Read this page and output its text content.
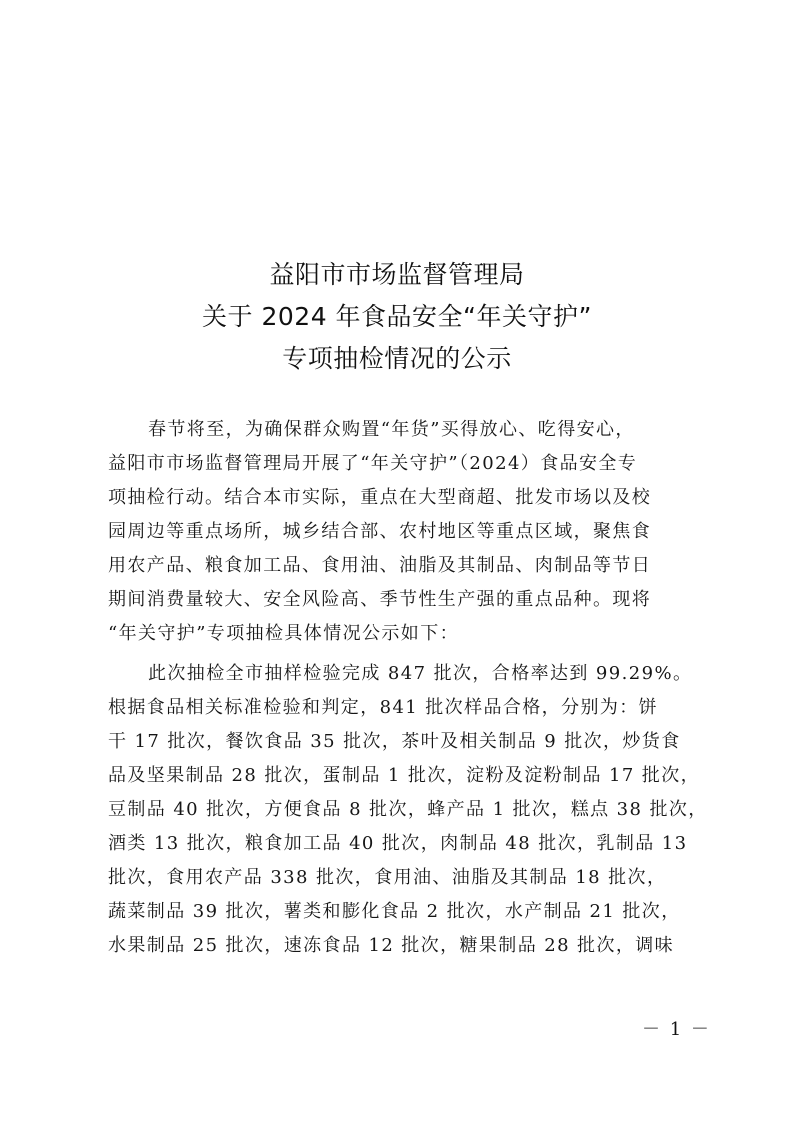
益阳市市场监督管理局
关于 2024 年食品安全“年关守护”
专项抽检情况的公示
春节将至，为确保群众购置“年货”买得放心、吃得安心，
益阳市市场监督管理局开展了“年关守护”（2024）食品安全专
项抽检行动。结合本市实际，重点在大型商超、批发市场以及校
园周边等重点场所，城乡结合部、农村地区等重点区域，聚焦食
用农产品、粮食加工品、食用油、油脂及其制品、肉制品等节日
期间消费量较大、安全风险高、季节性生产强的重点品种。现将
“年关守护”专项抽检具体情况公示如下：
此次抽检全市抽样检验完成 847 批次，合格率达到 99.29%。
根据食品相关标准检验和判定，841 批次样品合格，分别为：饼
干 17 批次，餐饮食品 35 批次，茶叶及相关制品 9 批次，炒货食
品及坚果制品 28 批次，蛋制品 1 批次，淀粉及淀粉制品 17 批次，
豆制品 40 批次，方便食品 8 批次，蜂产品 1 批次，糕点 38 批次，
酒类 13 批次，粮食加工品 40 批次，肉制品 48 批次，乳制品 13
批次，食用农产品 338 批次，食用油、油脂及其制品 18 批次，
蔬菜制品 39 批次，薯类和膨化食品 2 批次，水产制品 21 批次，
水果制品 25 批次，速冻食品 12 批次，糖果制品 28 批次，调味
－ 1 －
